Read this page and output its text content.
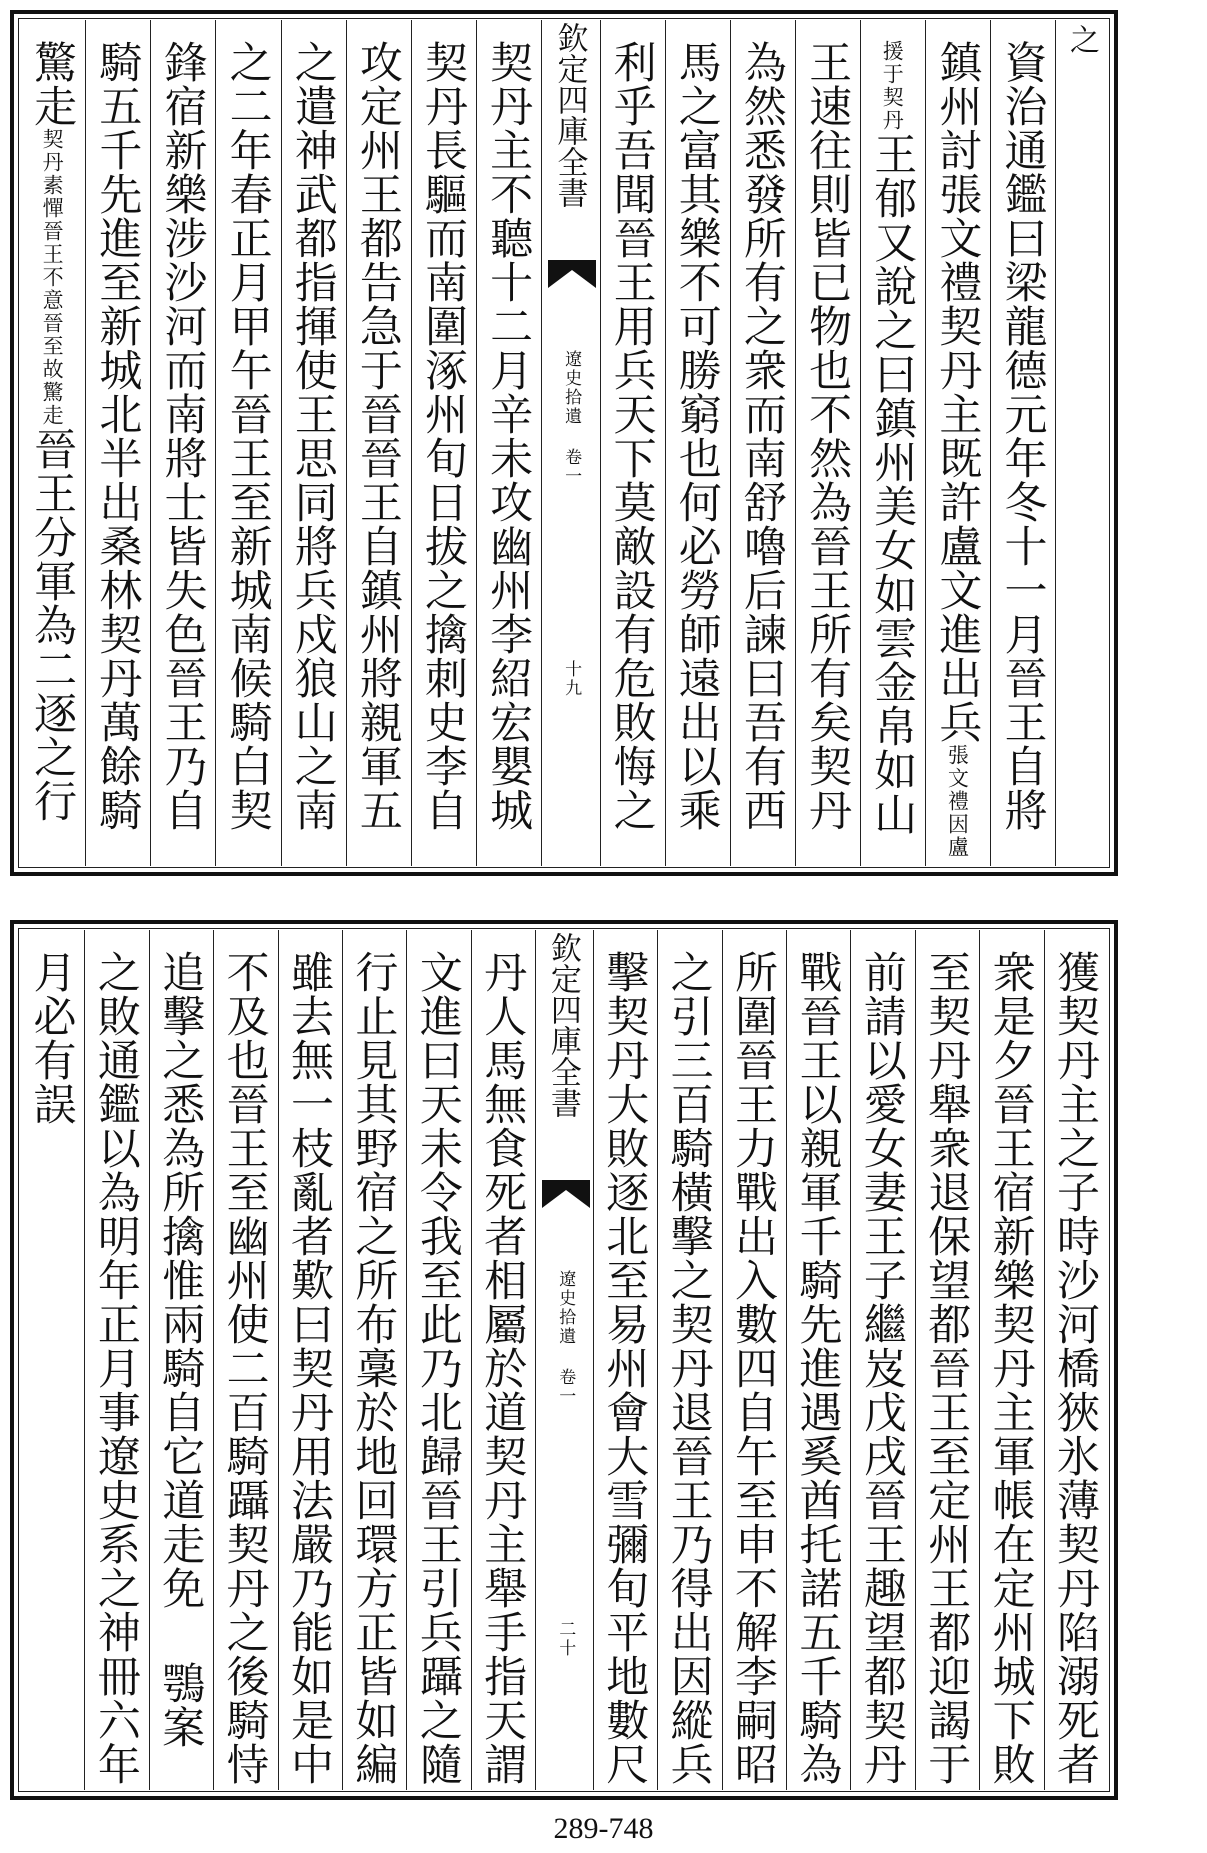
之
資治通鑑曰梁龍德元年冬十一月晉王自將
鎮州討張文禮契丹主既許盧文進出兵張文禮因盧
援于契丹王郁又說之曰鎮州美女如雲金帛如山
王速往則皆已物也不然為晉王所有矣契丹
為然悉發所有之衆而南舒嚕后諫曰吾有西
馬之富其樂不可勝窮也何必勞師遠出以乘
利乎吾聞晉王用兵天下莫敵設有危敗悔之
欽定四庫全書
遼史拾遺 卷一
十九
契丹主不聽十二月辛未攻幽州李紹宏嬰城
契丹長驅而南圍涿州旬日拔之擒刺史李自
攻定州王都告急于晉晉王自鎮州將親軍五
之遣神武都指揮使王思同將兵戍狼山之南
之二年春正月甲午晉王至新城南候騎白契
鋒宿新樂涉沙河而南將士皆失色晉王乃自
騎五千先進至新城北半出桑林契丹萬餘騎
驚走契丹素憚晉王不意晉至故驚走晉王分軍為二逐之行
獲契丹主之子時沙河橋狹氷薄契丹陷溺死者
衆是夕晉王宿新樂契丹主軍帳在定州城下敗
至契丹舉衆退保望都晉王至定州王都迎謁于
前請以愛女妻王子繼岌戊戌晉王趣望都契丹
戰晉王以親軍千騎先進遇奚酋托諾五千騎為
所圍晉王力戰出入數四自午至申不解李嗣昭
之引三百騎橫擊之契丹退晉王乃得出因縱兵
擊契丹大敗逐北至易州會大雪彌旬平地數尺
欽定四庫全書
遼史拾遺 卷一
二十
丹人馬無食死者相屬於道契丹主舉手指天謂
文進曰天未令我至此乃北歸晉王引兵躡之隨
行止見其野宿之所布稾於地回環方正皆如編
雖去無一枝亂者歎曰契丹用法嚴乃能如是中
不及也晉王至幽州使二百騎躡契丹之後騎恃
追擊之悉為所擒惟兩騎自它道走免 鶚案
之敗通鑑以為明年正月事遼史系之神冊六年
月必有誤
289-748
